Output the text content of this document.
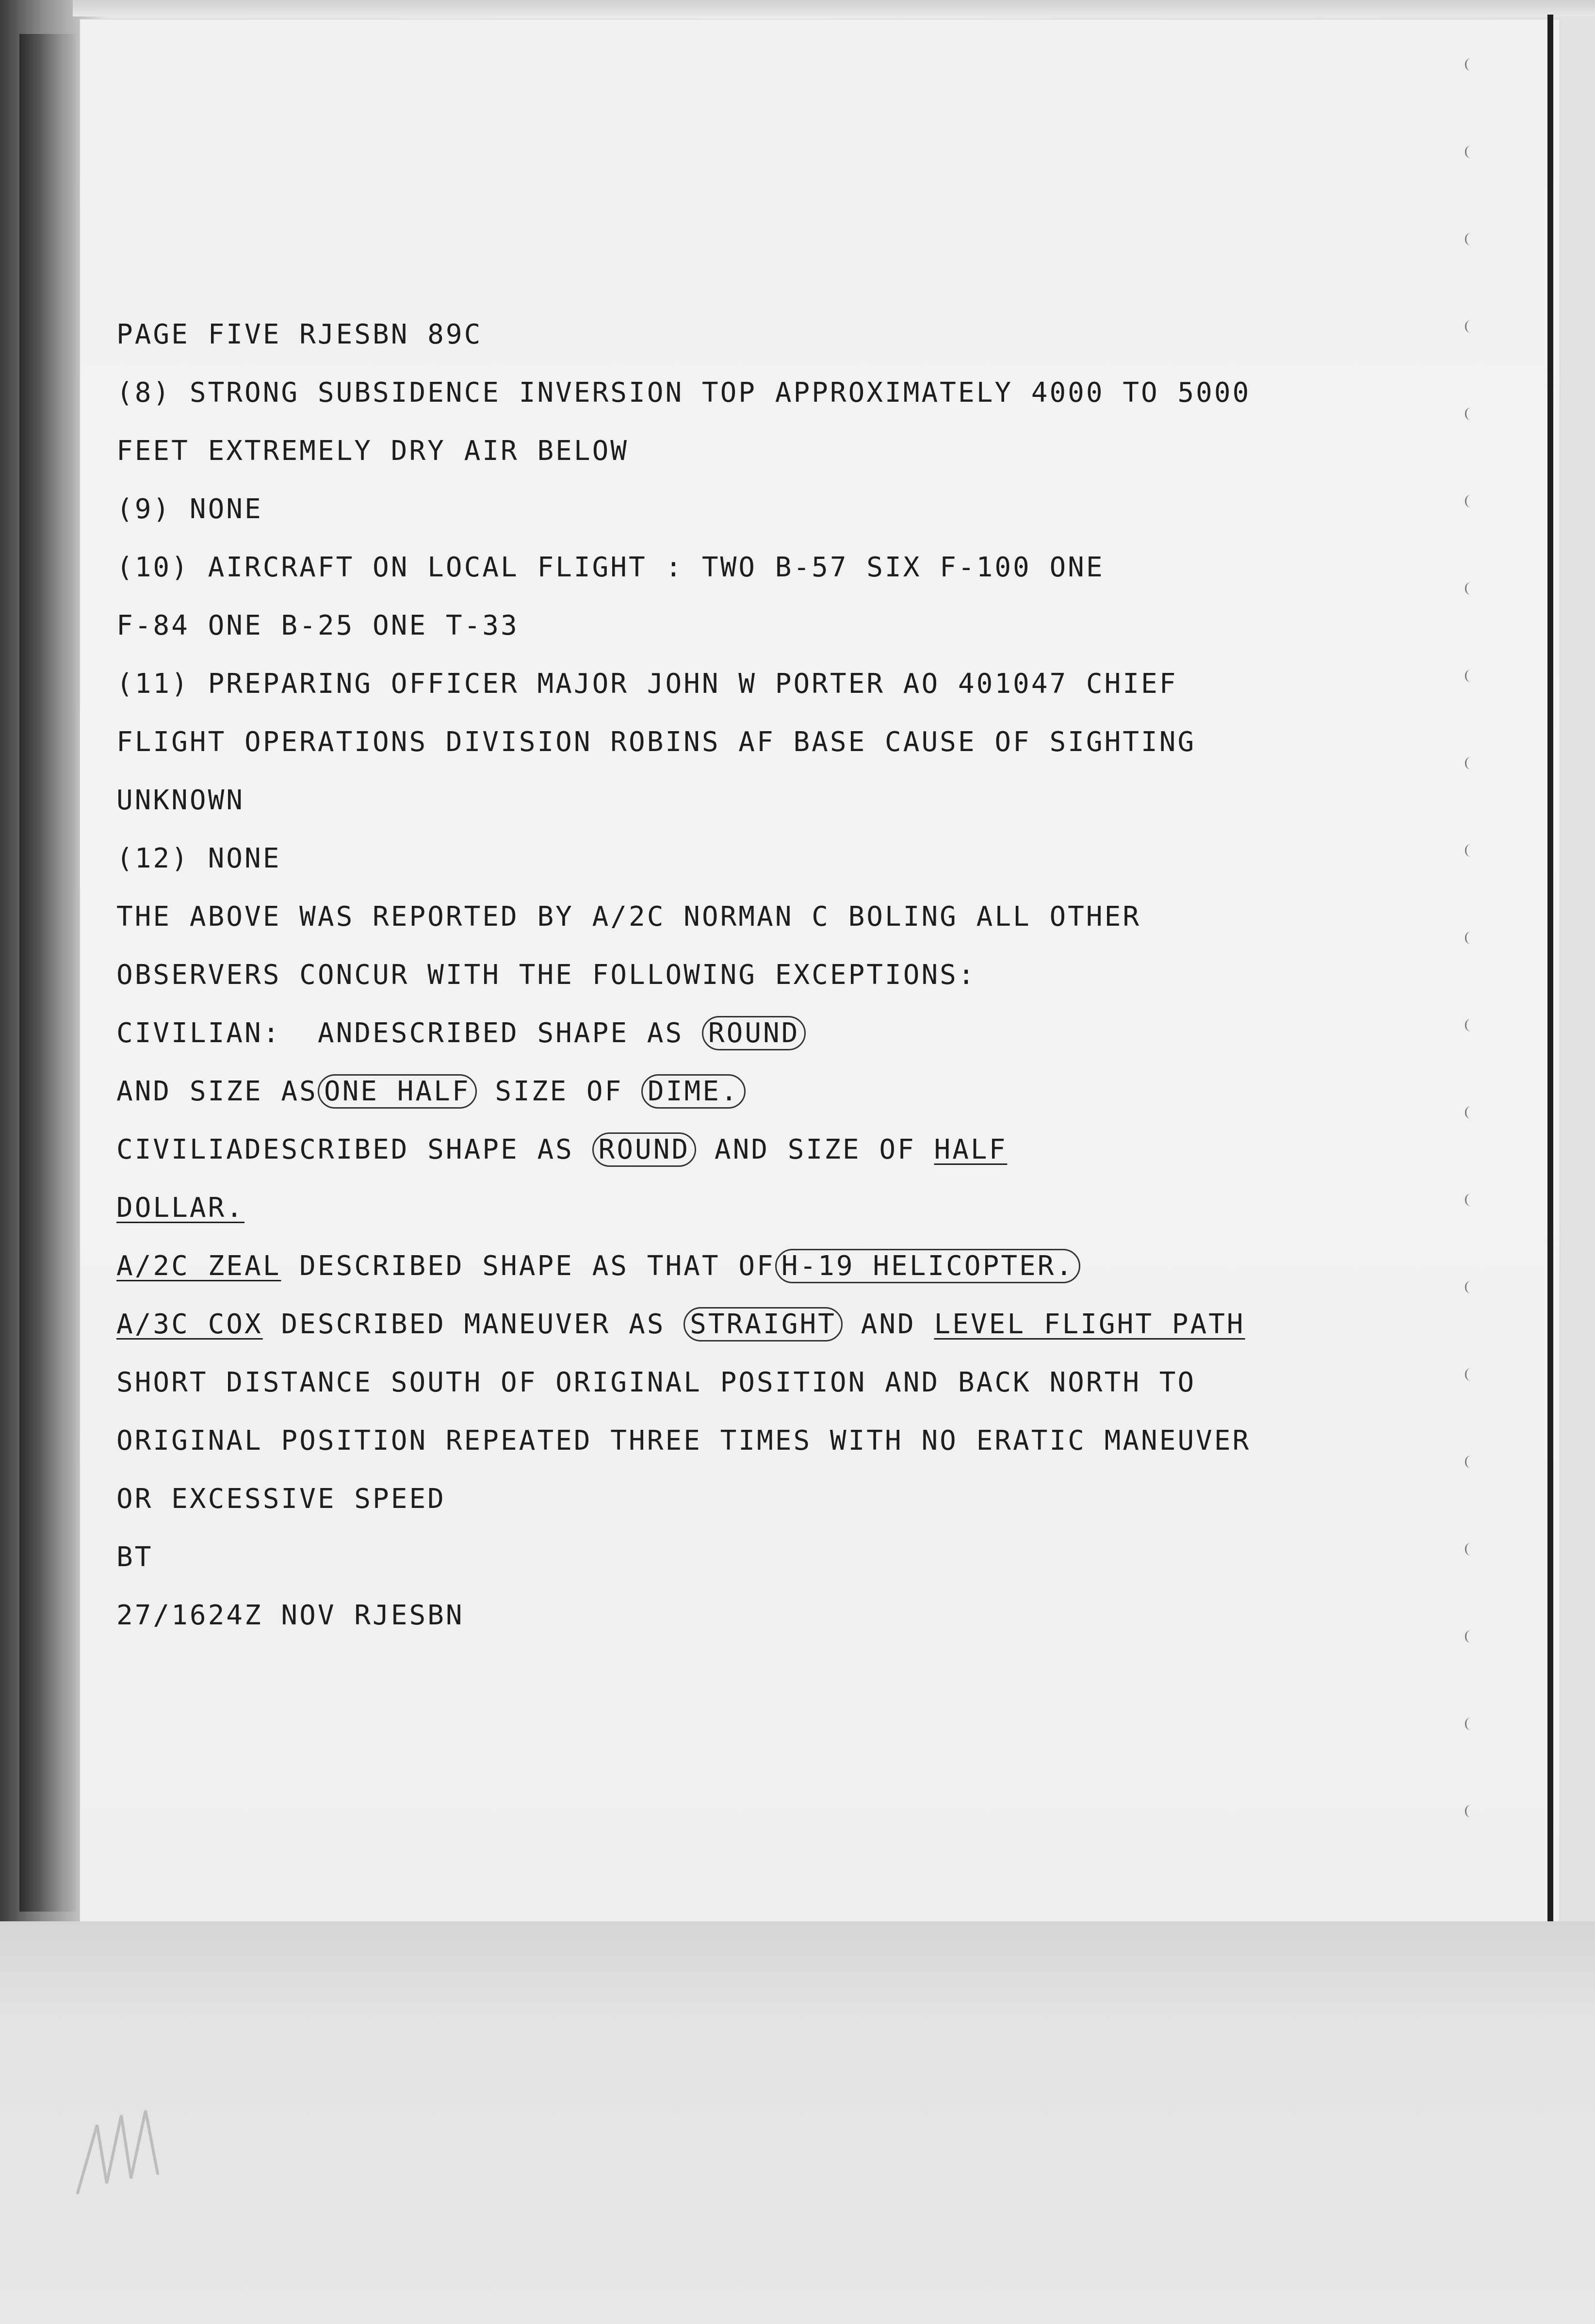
PAGE FIVE RJESBN 89C
(8) STRONG SUBSIDENCE INVERSION TOP APPROXIMATELY 4000 TO 5000
FEET EXTREMELY DRY AIR BELOW
(9) NONE
(10) AIRCRAFT ON LOCAL FLIGHT : TWO B-57 SIX F-100 ONE
F-84 ONE B-25 ONE T-33
(11) PREPARING OFFICER MAJOR JOHN W PORTER AO 401047 CHIEF
FLIGHT OPERATIONS DIVISION ROBINS AF BASE CAUSE OF SIGHTING
UNKNOWN
(12) NONE
THE ABOVE WAS REPORTED BY A/2C NORMAN C BOLING ALL OTHER
OBSERVERS CONCUR WITH THE FOLLOWING EXCEPTIONS:
CIVILIAN: ANDESCRIBED SHAPE AS ROUND
AND SIZE AS ONE HALF SIZE OF DIME.
CIVILIADESCRIBED SHAPE AS ROUND AND SIZE OF HALF
DOLLAR.
A/2C ZEAL DESCRIBED SHAPE AS THAT OF H-19 HELICOPTER.
A/3C COX DESCRIBED MANEUVER AS STRAIGHT AND LEVEL FLIGHT PATH
SHORT DISTANCE SOUTH OF ORIGINAL POSITION AND BACK NORTH TO
ORIGINAL POSITION REPEATED THREE TIMES WITH NO ERATIC MANEUVER
OR EXCESSIVE SPEED
BT
27/1624Z NOV RJESBN
